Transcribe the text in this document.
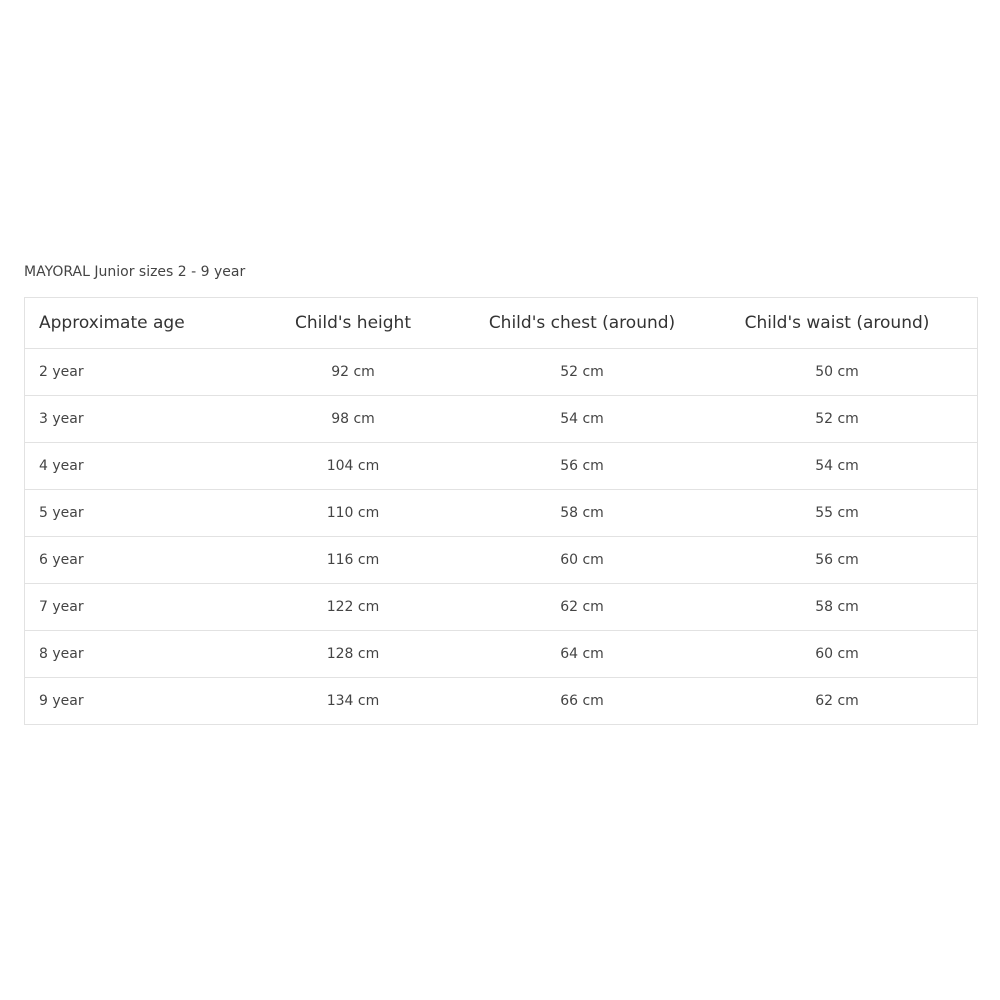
MAYORAL Junior sizes 2 - 9 year
Approximate age	Child's height	Child's chest (around)	Child's waist (around)
2 year	92 cm	52 cm	50 cm
3 year	98 cm	54 cm	52 cm
4 year	104 cm	56 cm	54 cm
5 year	110 cm	58 cm	55 cm
6 year	116 cm	60 cm	56 cm
7 year	122 cm	62 cm	58 cm
8 year	128 cm	64 cm	60 cm
9 year	134 cm	66 cm	62 cm
